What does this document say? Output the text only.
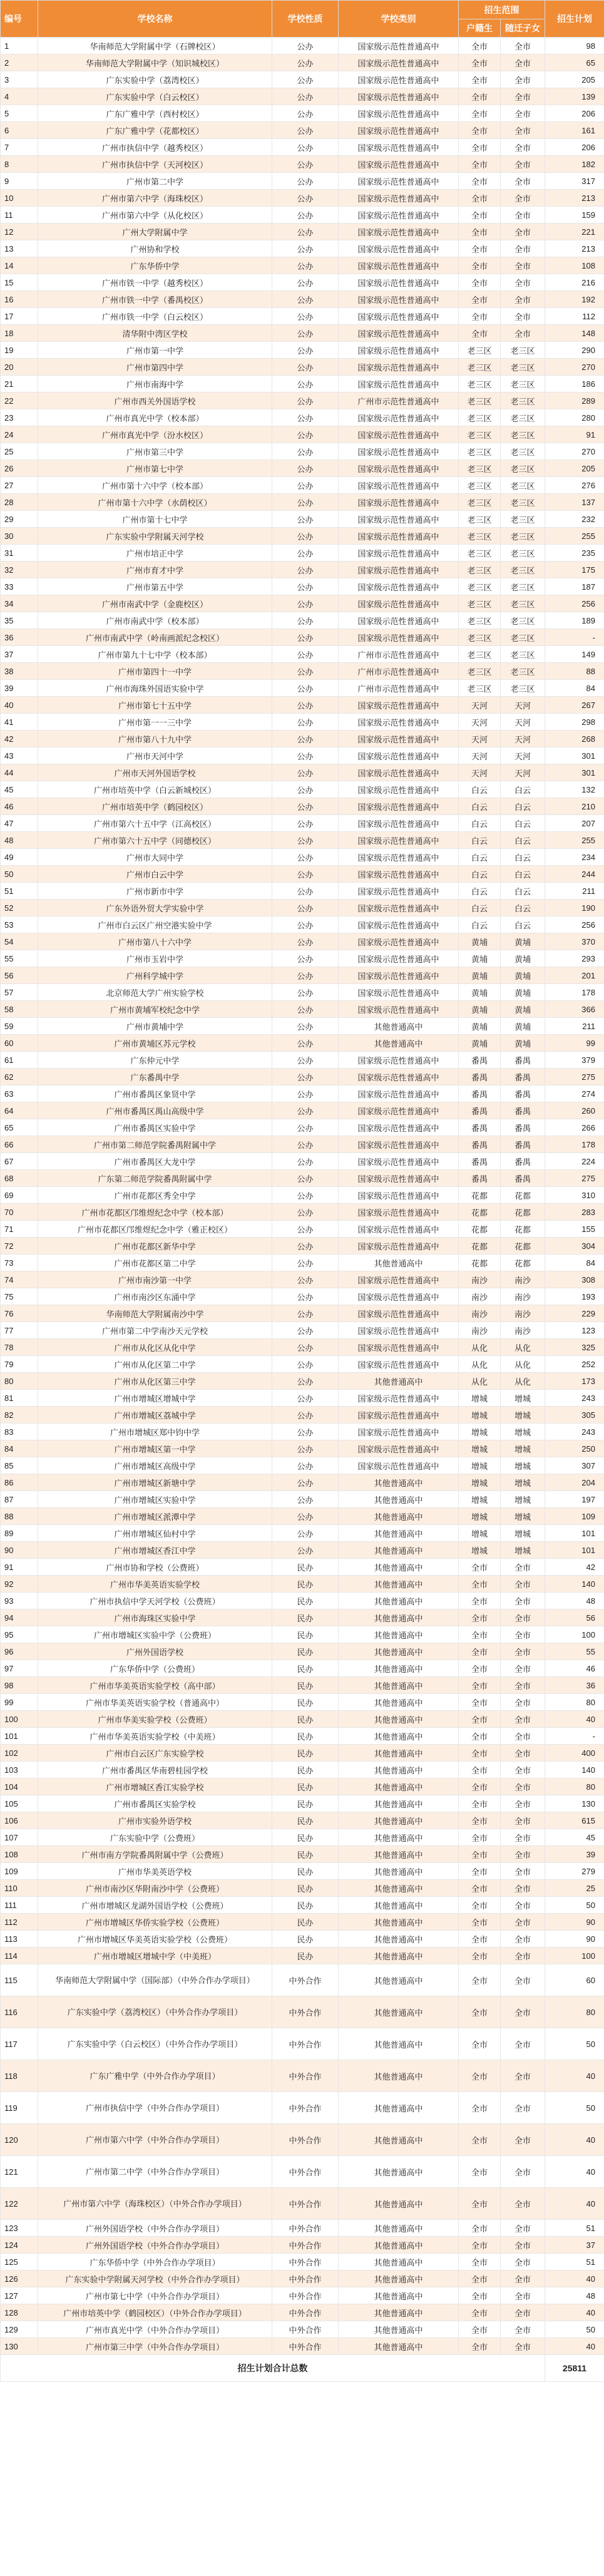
编号	学校名称	学校性质	学校类别	招生范围		招生计划
				户籍生	随迁子女	
1	华南师范大学附属中学（石牌校区）	公办	国家级示范性普通高中	全市	全市	98
2	华南师范大学附属中学（知识城校区）	公办	国家级示范性普通高中	全市	全市	65
3	广东实验中学（荔湾校区）	公办	国家级示范性普通高中	全市	全市	205
4	广东实验中学（白云校区）	公办	国家级示范性普通高中	全市	全市	139
5	广东广雅中学（西村校区）	公办	国家级示范性普通高中	全市	全市	206
6	广东广雅中学（花都校区）	公办	国家级示范性普通高中	全市	全市	161
7	广州市执信中学（越秀校区）	公办	国家级示范性普通高中	全市	全市	206
8	广州市执信中学（天河校区）	公办	国家级示范性普通高中	全市	全市	182
9	广州市第二中学	公办	国家级示范性普通高中	全市	全市	317
10	广州市第六中学（海珠校区）	公办	国家级示范性普通高中	全市	全市	213
11	广州市第六中学（从化校区）	公办	国家级示范性普通高中	全市	全市	159
12	广州大学附属中学	公办	国家级示范性普通高中	全市	全市	221
13	广州协和学校	公办	国家级示范性普通高中	全市	全市	213
14	广东华侨中学	公办	国家级示范性普通高中	全市	全市	108
15	广州市铁一中学（越秀校区）	公办	国家级示范性普通高中	全市	全市	216
16	广州市铁一中学（番禺校区）	公办	国家级示范性普通高中	全市	全市	192
17	广州市铁一中学（白云校区）	公办	国家级示范性普通高中	全市	全市	112
18	清华附中湾区学校	公办	国家级示范性普通高中	全市	全市	148
19	广州市第一中学	公办	国家级示范性普通高中	老三区	老三区	290
20	广州市第四中学	公办	国家级示范性普通高中	老三区	老三区	270
21	广州市南海中学	公办	国家级示范性普通高中	老三区	老三区	186
22	广州市西关外国语学校	公办	广州市示范性普通高中	老三区	老三区	289
23	广州市真光中学（校本部）	公办	国家级示范性普通高中	老三区	老三区	280
24	广州市真光中学（汾水校区）	公办	国家级示范性普通高中	老三区	老三区	91
25	广州市第三中学	公办	国家级示范性普通高中	老三区	老三区	270
26	广州市第七中学	公办	国家级示范性普通高中	老三区	老三区	205
27	广州市第十六中学（校本部）	公办	国家级示范性普通高中	老三区	老三区	276
28	广州市第十六中学（水荫校区）	公办	国家级示范性普通高中	老三区	老三区	137
29	广州市第十七中学	公办	国家级示范性普通高中	老三区	老三区	232
30	广东实验中学附属天河学校	公办	国家级示范性普通高中	老三区	老三区	255
31	广州市培正中学	公办	国家级示范性普通高中	老三区	老三区	235
32	广州市育才中学	公办	国家级示范性普通高中	老三区	老三区	175
33	广州市第五中学	公办	国家级示范性普通高中	老三区	老三区	187
34	广州市南武中学（金鹿校区）	公办	国家级示范性普通高中	老三区	老三区	256
35	广州市南武中学（校本部）	公办	国家级示范性普通高中	老三区	老三区	189
36	广州市南武中学（岭南画派纪念校区）	公办	国家级示范性普通高中	老三区	老三区	-
37	广州市第九十七中学（校本部）	公办	广州市示范性普通高中	老三区	老三区	149
38	广州市第四十一中学	公办	广州市示范性普通高中	老三区	老三区	88
39	广州市海珠外国语实验中学	公办	广州市示范性普通高中	老三区	老三区	84
40	广州市第七十五中学	公办	国家级示范性普通高中	天河	天河	267
41	广州市第一一三中学	公办	国家级示范性普通高中	天河	天河	298
42	广州市第八十九中学	公办	国家级示范性普通高中	天河	天河	268
43	广州市天河中学	公办	国家级示范性普通高中	天河	天河	301
44	广州市天河外国语学校	公办	国家级示范性普通高中	天河	天河	301
45	广州市培英中学（白云新城校区）	公办	国家级示范性普通高中	白云	白云	132
46	广州市培英中学（鹤园校区）	公办	国家级示范性普通高中	白云	白云	210
47	广州市第六十五中学（江高校区）	公办	国家级示范性普通高中	白云	白云	207
48	广州市第六十五中学（同德校区）	公办	国家级示范性普通高中	白云	白云	255
49	广州市大同中学	公办	国家级示范性普通高中	白云	白云	234
50	广州市白云中学	公办	国家级示范性普通高中	白云	白云	244
51	广州市新市中学	公办	国家级示范性普通高中	白云	白云	211
52	广东外语外贸大学实验中学	公办	国家级示范性普通高中	白云	白云	190
53	广州市白云区广州空港实验中学	公办	国家级示范性普通高中	白云	白云	256
54	广州市第八十六中学	公办	国家级示范性普通高中	黄埔	黄埔	370
55	广州市玉岩中学	公办	国家级示范性普通高中	黄埔	黄埔	293
56	广州科学城中学	公办	国家级示范性普通高中	黄埔	黄埔	201
57	北京师范大学广州实验学校	公办	国家级示范性普通高中	黄埔	黄埔	178
58	广州市黄埔军校纪念中学	公办	国家级示范性普通高中	黄埔	黄埔	366
59	广州市黄埔中学	公办	其他普通高中	黄埔	黄埔	211
60	广州市黄埔区苏元学校	公办	其他普通高中	黄埔	黄埔	99
61	广东仲元中学	公办	国家级示范性普通高中	番禺	番禺	379
62	广东番禺中学	公办	国家级示范性普通高中	番禺	番禺	275
63	广州市番禺区象贤中学	公办	国家级示范性普通高中	番禺	番禺	274
64	广州市番禺区禺山高级中学	公办	国家级示范性普通高中	番禺	番禺	260
65	广州市番禺区实验中学	公办	国家级示范性普通高中	番禺	番禺	266
66	广州市第二师范学院番禺附属中学	公办	国家级示范性普通高中	番禺	番禺	178
67	广州市番禺区大龙中学	公办	国家级示范性普通高中	番禺	番禺	224
68	广东第二师范学院番禺附属中学	公办	国家级示范性普通高中	番禺	番禺	275
69	广州市花都区秀全中学	公办	国家级示范性普通高中	花都	花都	310
70	广州市花都区邝维煜纪念中学（校本部）	公办	国家级示范性普通高中	花都	花都	283
71	广州市花都区邝维煜纪念中学（雅正校区）	公办	国家级示范性普通高中	花都	花都	155
72	广州市花都区新华中学	公办	国家级示范性普通高中	花都	花都	304
73	广州市花都区第二中学	公办	其他普通高中	花都	花都	84
74	广州市南沙第一中学	公办	国家级示范性普通高中	南沙	南沙	308
75	广州市南沙区东涌中学	公办	国家级示范性普通高中	南沙	南沙	193
76	华南师范大学附属南沙中学	公办	国家级示范性普通高中	南沙	南沙	229
77	广州市第二中学南沙天元学校	公办	国家级示范性普通高中	南沙	南沙	123
78	广州市从化区从化中学	公办	国家级示范性普通高中	从化	从化	325
79	广州市从化区第二中学	公办	国家级示范性普通高中	从化	从化	252
80	广州市从化区第三中学	公办	其他普通高中	从化	从化	173
81	广州市增城区增城中学	公办	国家级示范性普通高中	增城	增城	243
82	广州市增城区荔城中学	公办	国家级示范性普通高中	增城	增城	305
83	广州市增城区郑中钧中学	公办	国家级示范性普通高中	增城	增城	243
84	广州市增城区第一中学	公办	国家级示范性普通高中	增城	增城	250
85	广州市增城区高级中学	公办	国家级示范性普通高中	增城	增城	307
86	广州市增城区新塘中学	公办	其他普通高中	增城	增城	204
87	广州市增城区实验中学	公办	其他普通高中	增城	增城	197
88	广州市增城区派潭中学	公办	其他普通高中	增城	增城	109
89	广州市增城区仙村中学	公办	其他普通高中	增城	增城	101
90	广州市增城区香江中学	公办	其他普通高中	增城	增城	101
91	广州市协和学校（公费班）	民办	其他普通高中	全市	全市	42
92	广州市华美英语实验学校	民办	其他普通高中	全市	全市	140
93	广州市执信中学天河学校（公费班）	民办	其他普通高中	全市	全市	48
94	广州市海珠区实验中学	民办	其他普通高中	全市	全市	56
95	广州市增城区实验中学（公费班）	民办	其他普通高中	全市	全市	100
96	广州外国语学校	民办	其他普通高中	全市	全市	55
97	广东华侨中学（公费班）	民办	其他普通高中	全市	全市	46
98	广州市华美英语实验学校（高中部）	民办	其他普通高中	全市	全市	36
99	广州市华美英语实验学校（普通高中）	民办	其他普通高中	全市	全市	80
100	广州市华美实验学校（公费班）	民办	其他普通高中	全市	全市	40
101	广州市华美英语实验学校（中美班）	民办	其他普通高中	全市	全市	-
102	广州市白云区广东实验学校	民办	其他普通高中	全市	全市	400
103	广州市番禺区华南碧桂园学校	民办	其他普通高中	全市	全市	140
104	广州市增城区香江实验学校	民办	其他普通高中	全市	全市	80
105	广州市番禺区实验学校	民办	其他普通高中	全市	全市	130
106	广州市实验外语学校	民办	其他普通高中	全市	全市	615
107	广东实验中学（公费班）	民办	其他普通高中	全市	全市	45
108	广州市南方学院番禺附属中学（公费班）	民办	其他普通高中	全市	全市	39
109	广州市华美英语学校	民办	其他普通高中	全市	全市	279
110	广州市南沙区华附南沙中学（公费班）	民办	其他普通高中	全市	全市	25
111	广州市增城区龙湖外国语学校（公费班）	民办	其他普通高中	全市	全市	50
112	广州市增城区华侨实验学校（公费班）	民办	其他普通高中	全市	全市	90
113	广州市增城区华美英语实验学校（公费班）	民办	其他普通高中	全市	全市	90
114	广州市增城区增城中学（中美班）	民办	其他普通高中	全市	全市	100
115	华南师范大学附属中学（国际部）（中外合作办学项目）	中外合作	其他普通高中	全市	全市	60
116	广东实验中学（荔湾校区）（中外合作办学项目）	中外合作	其他普通高中	全市	全市	80
117	广东实验中学（白云校区）（中外合作办学项目）	中外合作	其他普通高中	全市	全市	50
118	广东广雅中学（中外合作办学项目）	中外合作	其他普通高中	全市	全市	40
119	广州市执信中学（中外合作办学项目）	中外合作	其他普通高中	全市	全市	50
120	广州市第六中学（中外合作办学项目）	中外合作	其他普通高中	全市	全市	40
121	广州市第二中学（中外合作办学项目）	中外合作	其他普通高中	全市	全市	40
122	广州市第六中学（海珠校区）（中外合作办学项目）	中外合作	其他普通高中	全市	全市	40
123	广州外国语学校（中外合作办学项目）	中外合作	其他普通高中	全市	全市	51
124	广州外国语学校（中外合作办学项目）	中外合作	其他普通高中	全市	全市	37
125	广东华侨中学（中外合作办学项目）	中外合作	其他普通高中	全市	全市	51
126	广东实验中学附属天河学校（中外合作办学项目）	中外合作	其他普通高中	全市	全市	40
127	广州市第七中学（中外合作办学项目）	中外合作	其他普通高中	全市	全市	48
128	广州市培英中学（鹤园校区）（中外合作办学项目）	中外合作	其他普通高中	全市	全市	40
129	广州市真光中学（中外合作办学项目）	中外合作	其他普通高中	全市	全市	50
130	广州市第三中学（中外合作办学项目）	中外合作	其他普通高中	全市	全市	40
招生计划合计总数						25811
